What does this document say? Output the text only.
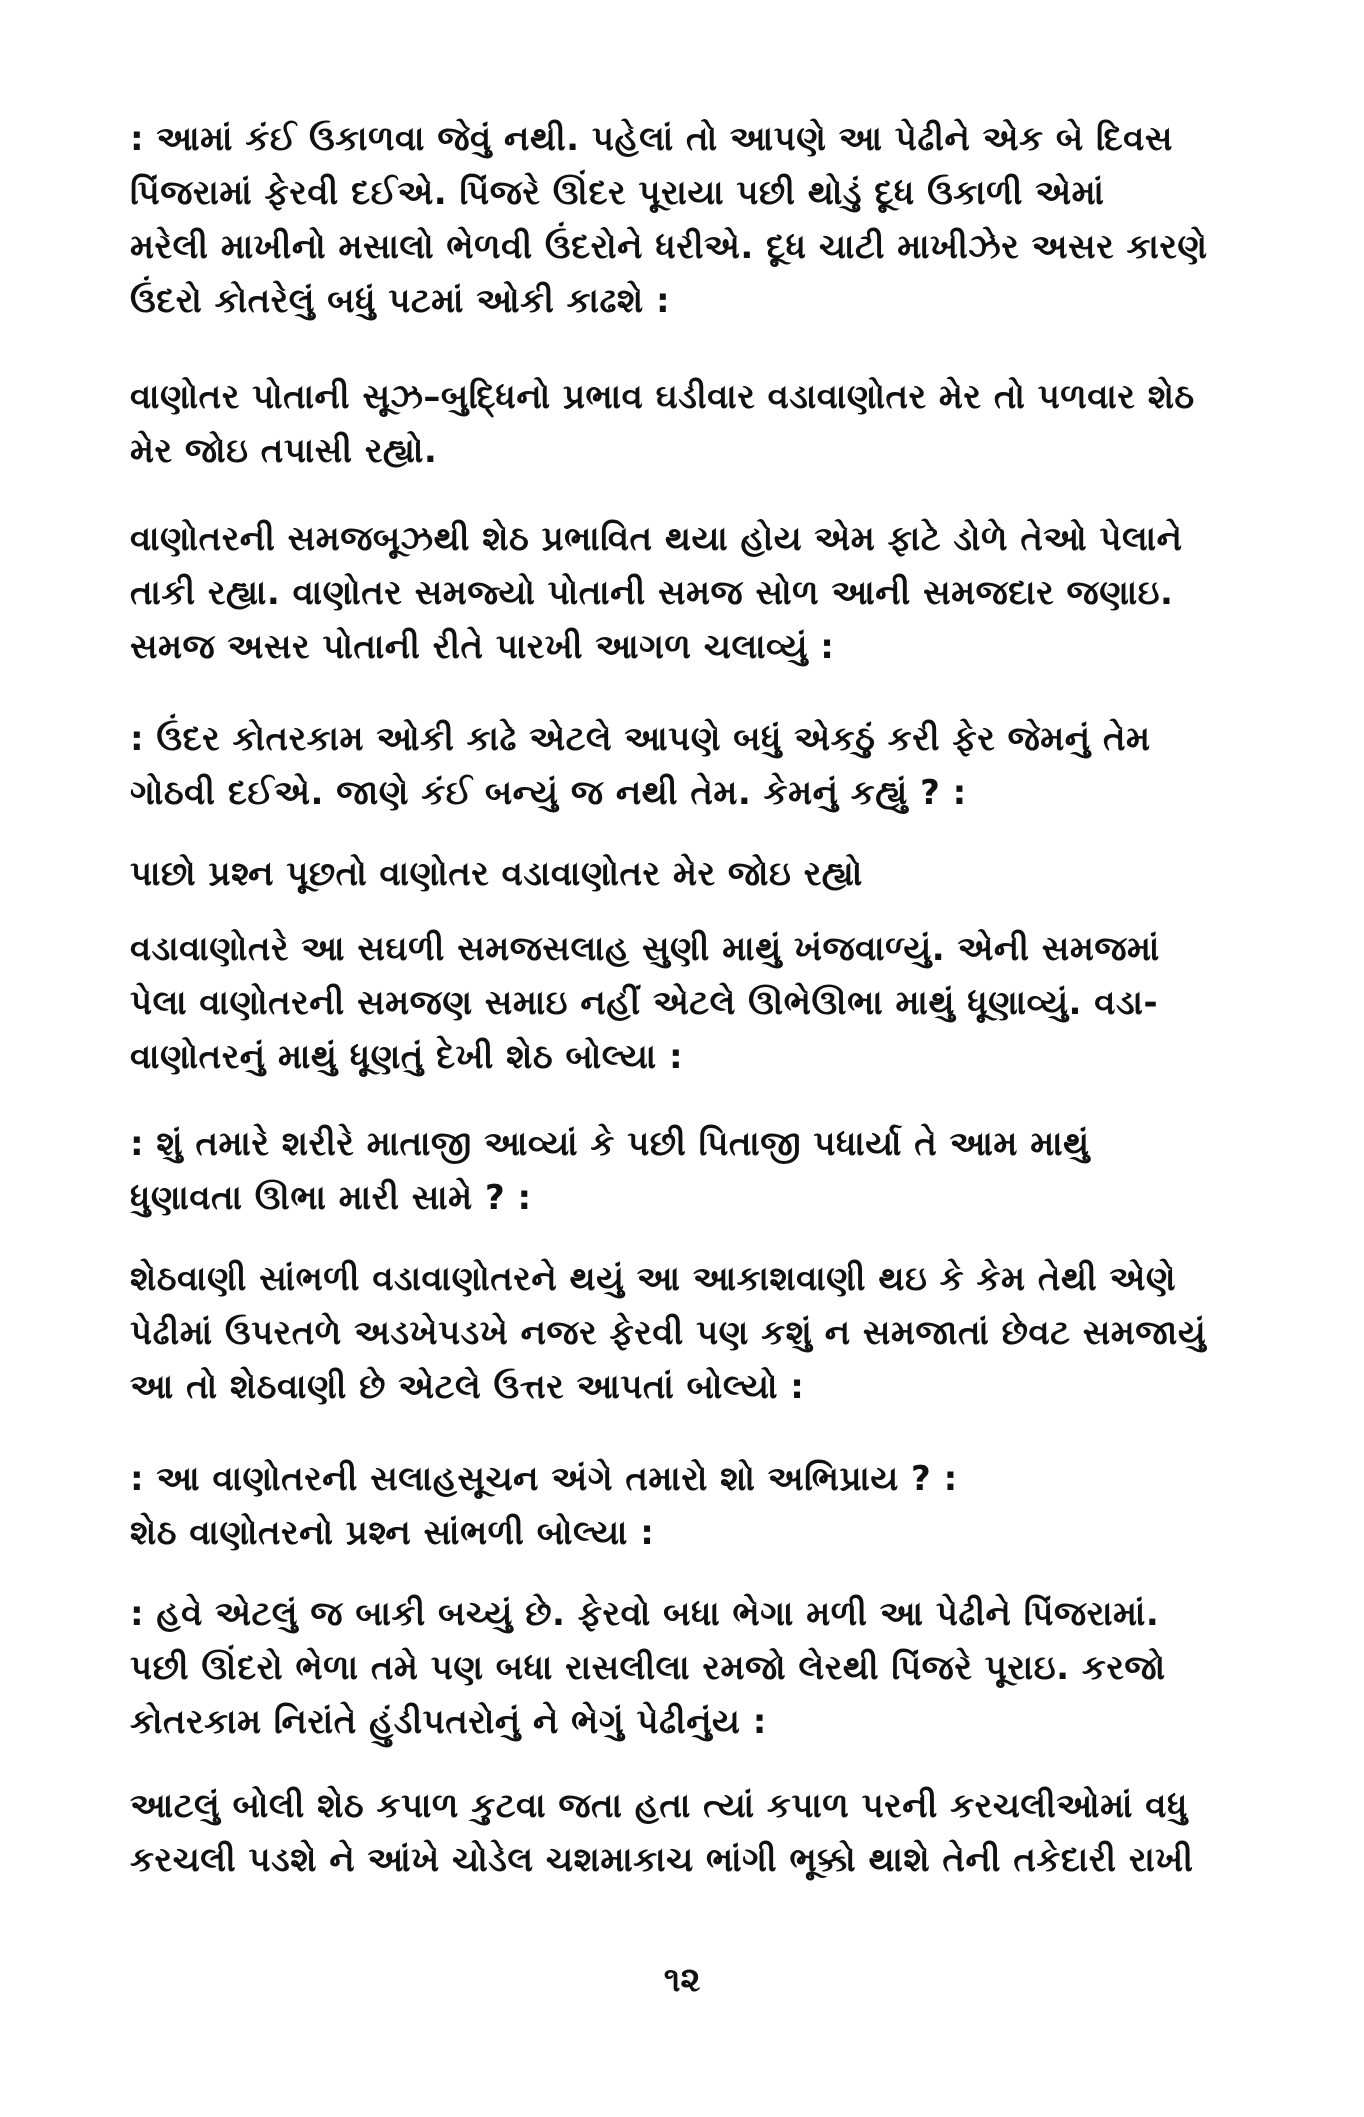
: આમાં કંઈ ઉકાળવા જેવું નથી. પહેલાં તો આપણે આ પેઢીને એક બે દિવસ
પિંજરામાં ફેરવી દઈએ. પિંજરે ઊંદર પૂરાયા પછી થોડું દૂધ ઉકાળી એમાં
મરેલી માખીનો મસાલો ભેળવી ઉંદરોને ધરીએ. દૂધ ચાટી માખીઝેર અસર કારણે
ઉંદરો કોતરેલું બધું પટમાં ઓકી કાઢશે :

વાણોતર પોતાની સૂઝ–બુદ્ધિનો પ્રભાવ ઘડીવાર વડાવાણોતર મેર તો પળવાર શેઠ
મેર જોઇ તપાસી રહ્યો.

વાણોતરની સમજબૂઝથી શેઠ પ્રભાવિત થયા હોય એમ ફાટે ડોળે તેઓ પેલાને
તાકી રહ્યા. વાણોતર સમજ્યો પોતાની સમજ સોળ આની સમજદાર જણાઇ.
સમજ અસર પોતાની રીતે પારખી આગળ ચલાવ્યું :

: ઉંદર કોતરકામ ઓકી કાઢે એટલે આપણે બધું એકઠું કરી ફેર જેમનું તેમ
ગોઠવી દઈએ. જાણે કંઈ બન્યું જ નથી તેમ. કેમનું કહ્યું ? :

પાછો પ્રશ્ન પૂછતો વાણોતર વડાવાણોતર મેર જોઇ રહ્યો

વડાવાણોતરે આ સઘળી સમજસલાહ સુણી માથું ખંજવાળ્યું. એની સમજમાં
પેલા વાણોતરની સમજણ સમાઇ નહીં એટલે ઊભેઊભા માથું ધૂણાવ્યું. વડા-
વાણોતરનું માથું ધૂણતું દેખી શેઠ બોલ્યા :

: શું તમારે શરીરે માતાજી આવ્યાં કે પછી પિતાજી પધાર્યા તે આમ માથું
ધુણાવતા ઊભા મારી સામે ? :

શેઠવાણી સાંભળી વડાવાણોતરને થયું આ આકાશવાણી થઇ કે કેમ તેથી એણે
પેઢીમાં ઉપરતળે અડખેપડખે નજર ફેરવી પણ કશું ન સમજાતાં છેવટ સમજાયું
આ તો શેઠવાણી છે એટલે ઉત્તર આપતાં બોલ્યો :

: આ વાણોતરની સલાહસૂચન અંગે તમારો શો અભિપ્રાય ? :
શેઠ વાણોતરનો પ્રશ્ન સાંભળી બોલ્યા :

: હવે એટલું જ બાકી બચ્યું છે. ફેરવો બધા ભેગા મળી આ પેઢીને પિંજરામાં.
પછી ઊંદરો ભેળા તમે પણ બધા રાસલીલા રમજો લેરથી પિંજરે પૂરાઇ. કરજો
કોતરકામ નિરાંતે હુંડીપતરોનું ને ભેગું પેઢીનુંય :

આટલું બોલી શેઠ કપાળ કુટવા જતા હતા ત્યાં કપાળ પરની કરચલીઓમાં વધુ
કરચલી પડશે ને આંખે ચોડેલ ચશમાકાચ ભાંગી ભૂક્કો થાશે તેની તકેદારી રાખી

૧૨
